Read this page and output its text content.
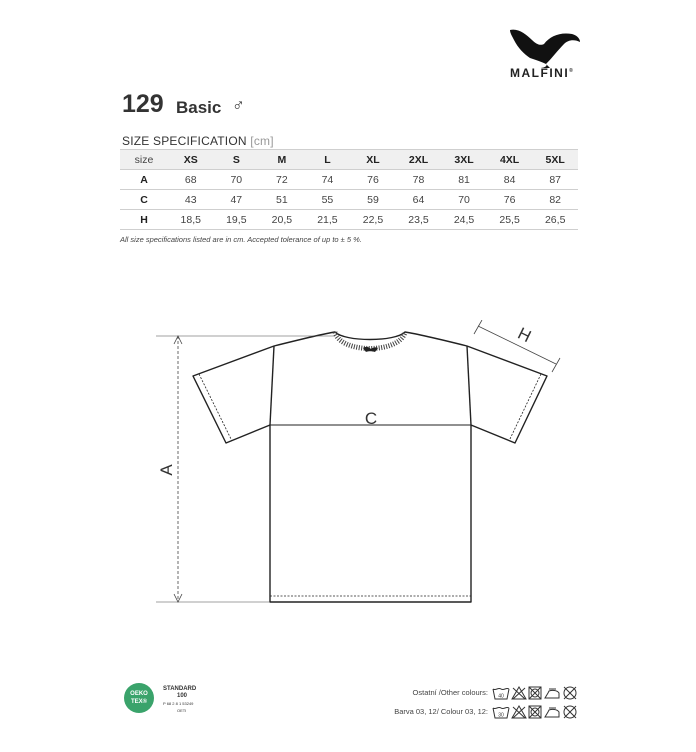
MALFINI®
129 Basic ♂
SIZE SPECIFICATION [cm]
size	XS	S	M	L	XL	2XL	3XL	4XL	5XL
A	68	70	72	74	76	78	81	84	87
C	43	47	51	55	59	64	70	76	82
H	18,5	19,5	20,5	21,5	22,5	23,5	24,5	25,5	26,5
All size specifications listed are in cm. Accepted tolerance of up to ± 5 %.
A
C
H
OEKO
TEX®
STANDARD
100
P 68 2 8 1 53249
OETI
Ostatní /Other colours: 40
Barva 03, 12/ Colour 03, 12: 30
